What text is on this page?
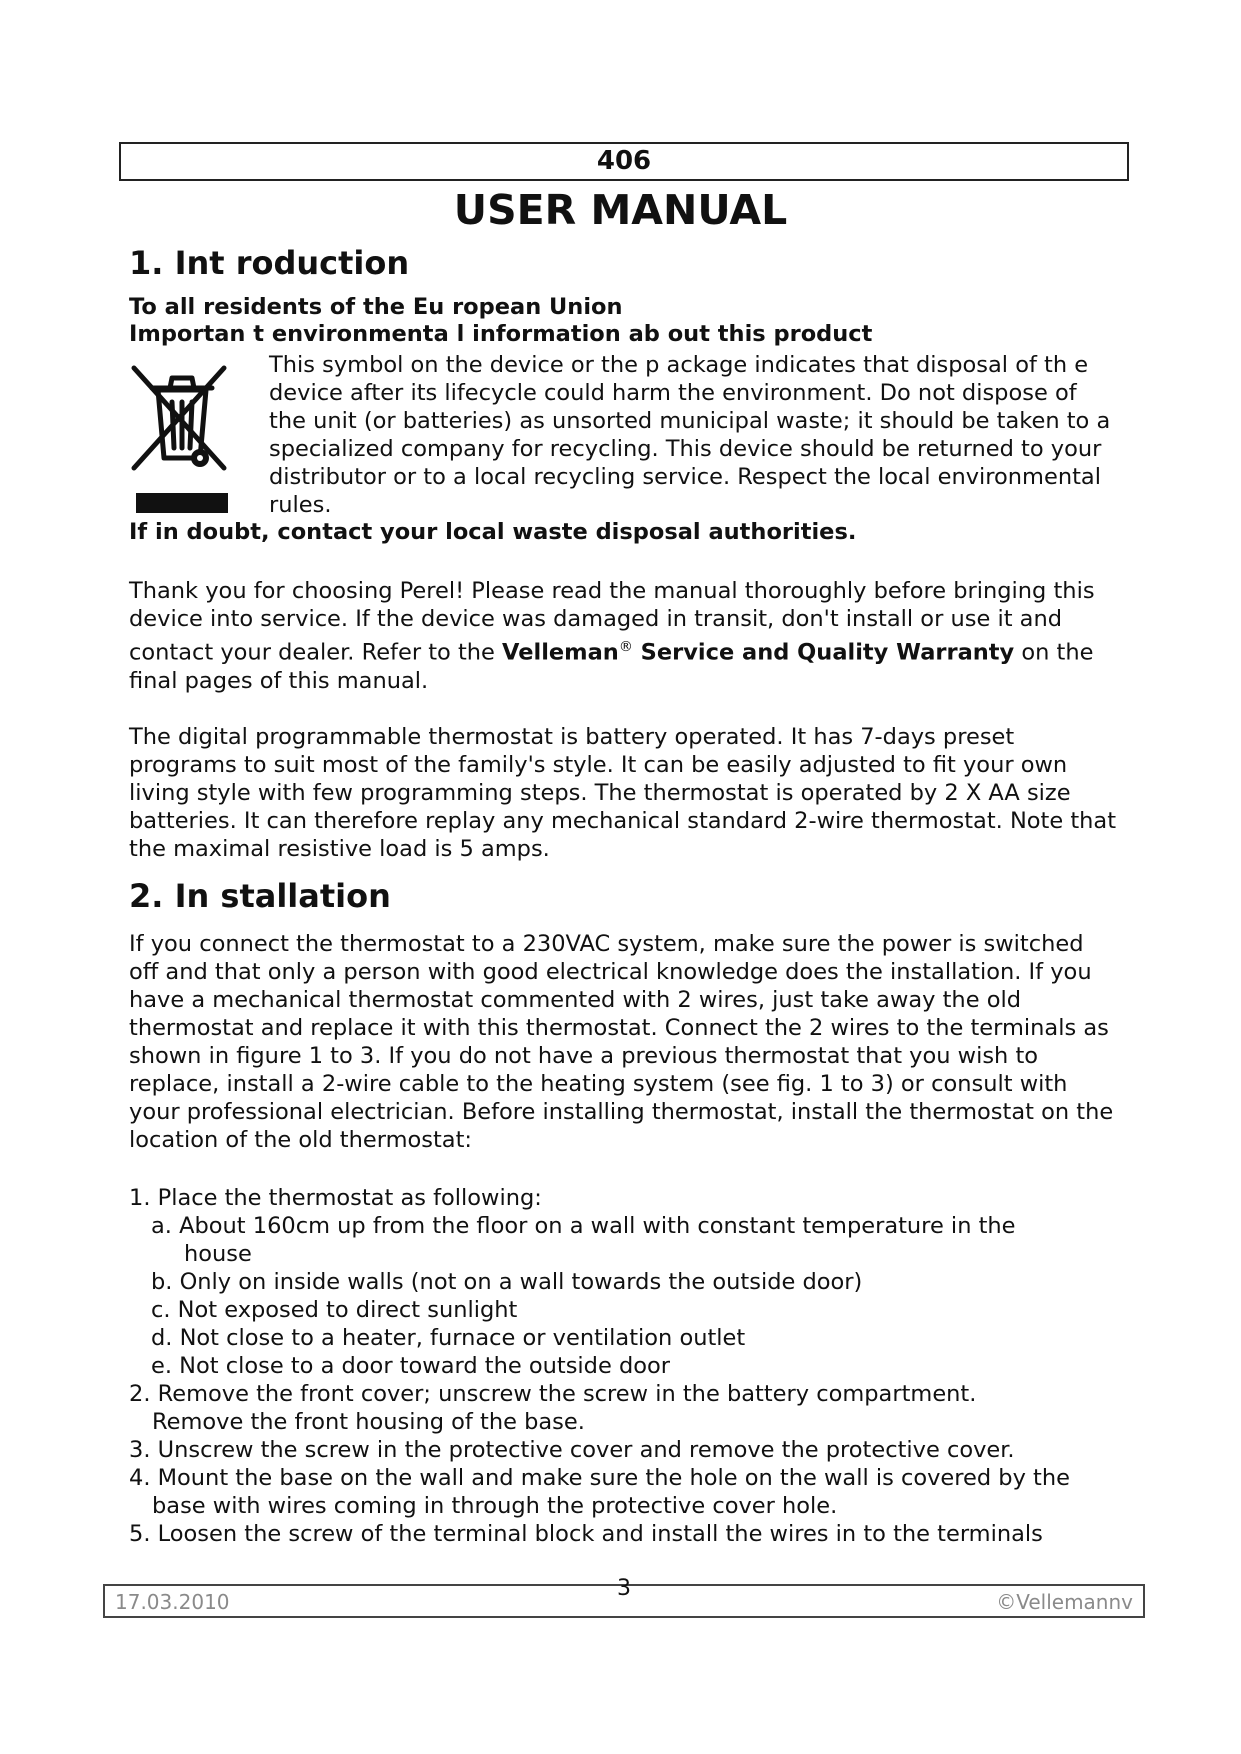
406
USER MANUAL
1. Int roduction

To all residents of the Eu ropean Union

Importan t environmenta l information ab out this product

This symbol on the device or the p ackage indicates that disposal of th e device after its lifecycle could harm the environment. Do not dispose of the unit (or batteries) as unsorted municipal waste; it should be taken to a specialized company for recycling. This device should be returned to your distributor or to a local recycling service. Respect the local environmental rules.

If in doubt, contact your local waste disposal authorities.

Thank you for choosing Perel! Please read the manual thoroughly before bringing this device into service. If the device was damaged in transit, don't install or use it and contact your dealer. Refer to the Velleman® Service and Quality Warranty on the final pages of this manual.

The digital programmable thermostat is battery operated. It has 7-days preset programs to suit most of the family's style. It can be easily adjusted to fit your own living style with few programming steps. The thermostat is operated by 2 X AA size batteries. It can therefore replay any mechanical standard 2-wire thermostat. Note that the maximal resistive load is 5 amps.

2. In stallation

If you connect the thermostat to a 230VAC system, make sure the power is switched off and that only a person with good electrical knowledge does the installation. If you have a mechanical thermostat commented with 2 wires, just take away the old thermostat and replace it with this thermostat. Connect the 2 wires to the terminals as shown in figure 1 to 3. If you do not have a previous thermostat that you wish to replace, install a 2-wire cable to the heating system (see fig. 1 to 3) or consult with your professional electrician. Before installing thermostat, install the thermostat on the location of the old thermostat:

1. Place the thermostat as following:
a. About 160cm up from the floor on a wall with constant temperature in the
house
b. Only on inside walls (not on a wall towards the outside door)
c. Not exposed to direct sunlight
d. Not close to a heater, furnace or ventilation outlet
e. Not close to a door toward the outside door
2. Remove the front cover; unscrew the screw in the battery compartment.
Remove the front housing of the base.
3. Unscrew the screw in the protective cover and remove the protective cover.
4. Mount the base on the wall and make sure the hole on the wall is covered by the
base with wires coming in through the protective cover hole.
5. Loosen the screw of the terminal block and install the wires in to the terminals
17.03.2010
3
©Vellemannv
